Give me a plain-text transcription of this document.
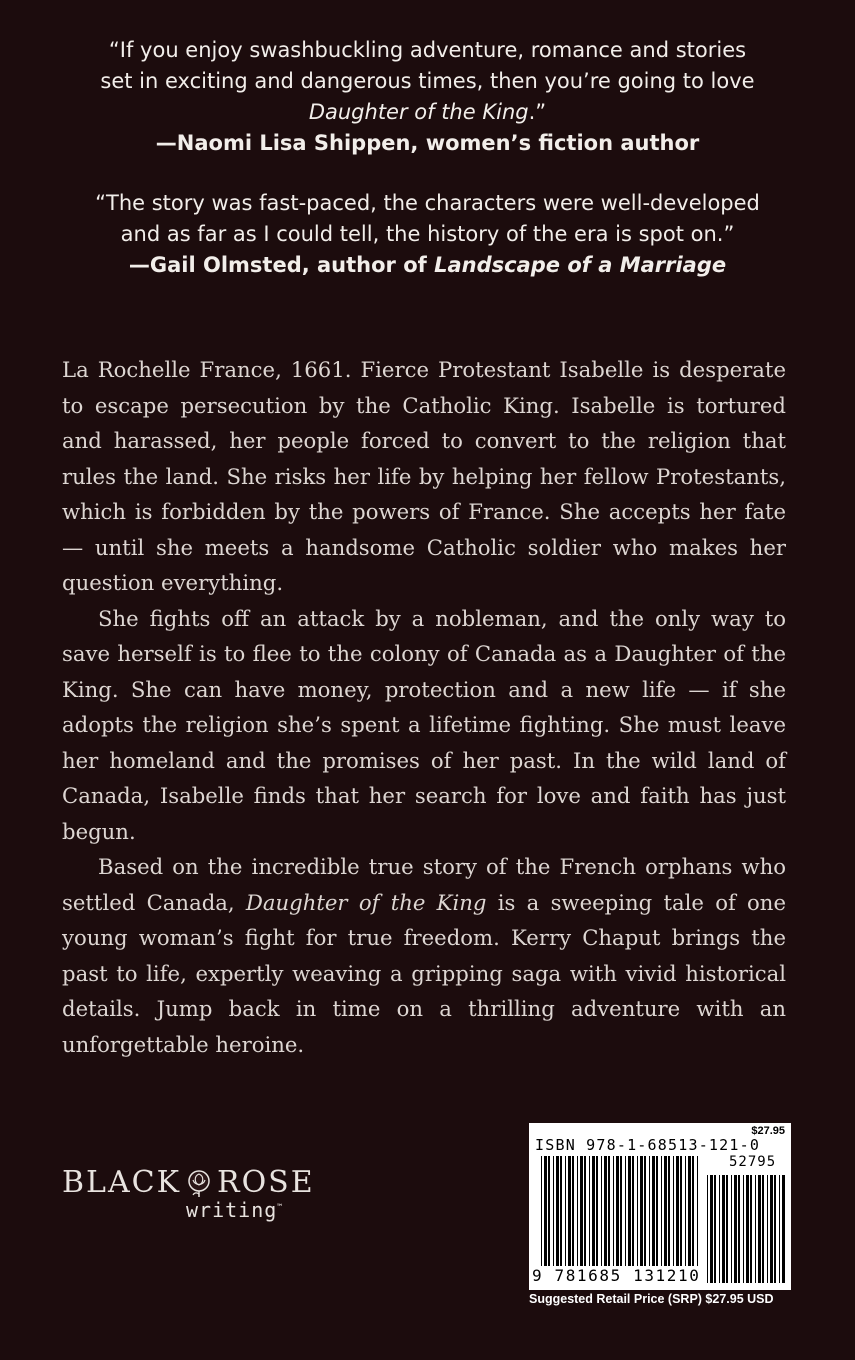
“If you enjoy swashbuckling adventure, romance and stories
set in exciting and dangerous times, then you’re going to love
Daughter of the King.”
—Naomi Lisa Shippen, women’s fiction author
“The story was fast-paced, the characters were well-developed
and as far as I could tell, the history of the era is spot on.”
—Gail Olmsted, author of Landscape of a Marriage

La Rochelle France, 1661. Fierce Protestant Isabelle is desperate to escape persecution by the Catholic King. Isabelle is tortured and harassed, her people forced to convert to the religion that rules the land. She risks her life by helping her fellow Protestants, which is forbidden by the powers of France. She accepts her fate — until she meets a handsome Catholic soldier who makes her question everything.

She fights off an attack by a nobleman, and the only way to save herself is to flee to the colony of Canada as a Daughter of the King. She can have money, protection and a new life — if she adopts the religion she’s spent a lifetime fighting. She must leave her homeland and the promises of her past. In the wild land of Canada, Isabelle finds that her search for love and faith has just begun.

Based on the incredible true story of the French orphans who settled Canada, Daughter of the King is a sweeping tale of one young woman’s fight for true freedom. Kerry Chaput brings the past to life, expertly weaving a gripping saga with vivid historical details. Jump back in time on a thrilling adventure with an unforgettable heroine.

BLACK ROSE
writing™
$27.95
ISBN 978-1-68513-121-0
52795
9 781685 131210
Suggested Retail Price (SRP) $27.95 USD
